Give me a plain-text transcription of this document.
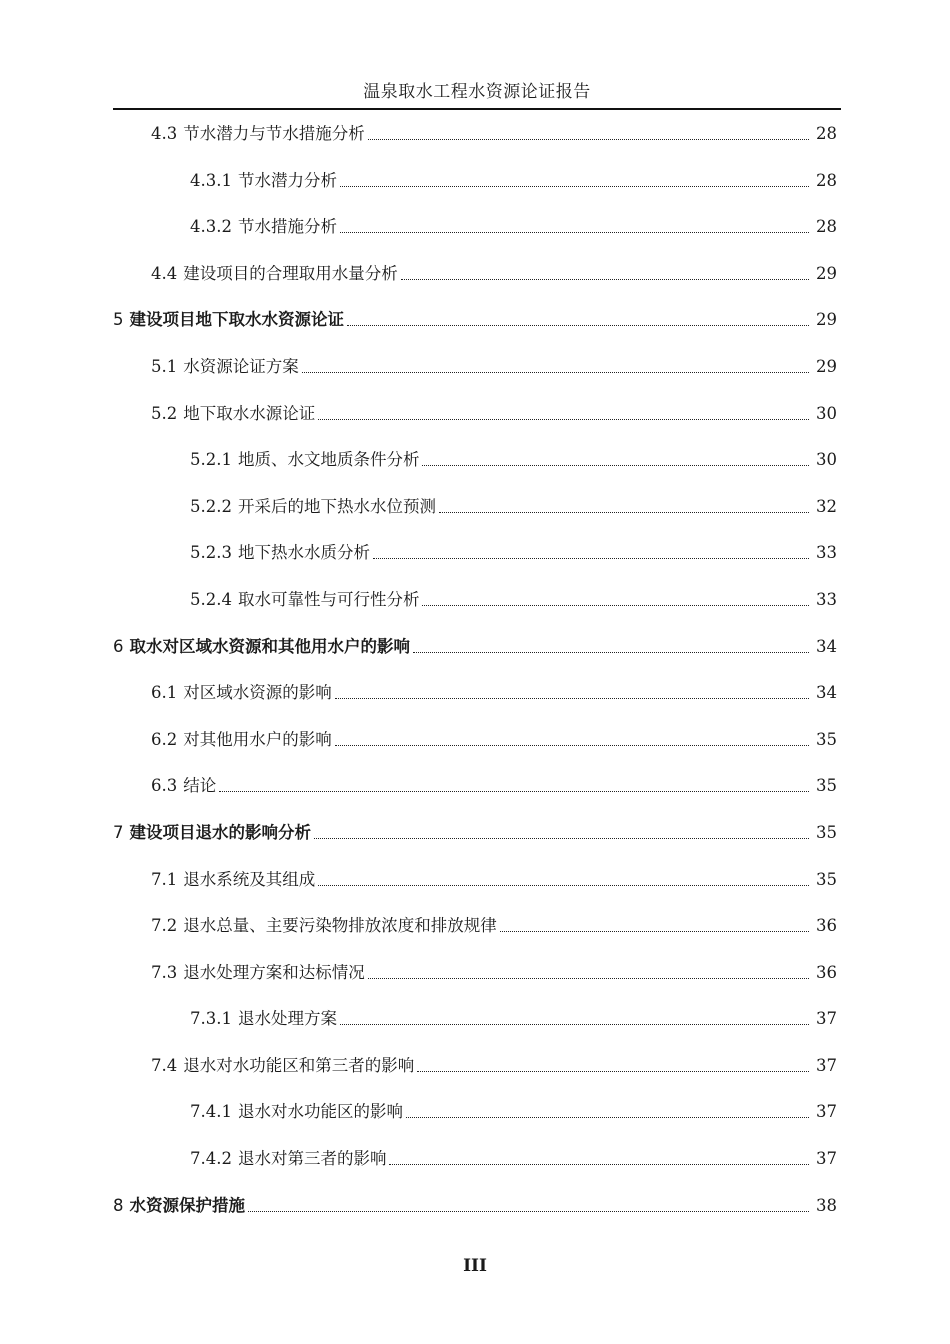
温泉取水工程水资源论证报告
4.3 节水潜力与节水措施分析	28
4.3.1 节水潜力分析	28
4.3.2 节水措施分析	28
4.4 建设项目的合理取用水量分析	29
5 建设项目地下取水水资源论证	29
5.1 水资源论证方案	29
5.2 地下取水水源论证	30
5.2.1 地质、水文地质条件分析	30
5.2.2 开采后的地下热水水位预测	32
5.2.3 地下热水水质分析	33
5.2.4 取水可靠性与可行性分析	33
6 取水对区域水资源和其他用水户的影响	34
6.1 对区域水资源的影响	34
6.2 对其他用水户的影响	35
6.3 结论	35
7 建设项目退水的影响分析	35
7.1 退水系统及其组成	35
7.2 退水总量、主要污染物排放浓度和排放规律	36
7.3 退水处理方案和达标情况	36
7.3.1 退水处理方案	37
7.4 退水对水功能区和第三者的影响	37
7.4.1 退水对水功能区的影响	37
7.4.2 退水对第三者的影响	37
8 水资源保护措施	38
III
